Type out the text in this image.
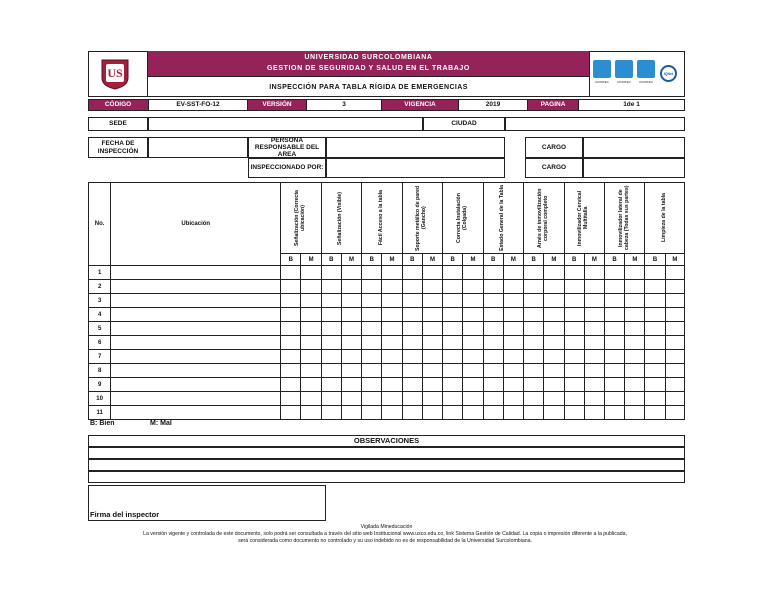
US
UNIVERSIDAD SURCOLOMBIANA
GESTION DE SEGURIDAD Y SALUD EN EL TRABAJO
INSPECCIÓN PARA TABLA RÍGIDA DE EMERGENCIAS
ICONTEC	ICONTEC	ICONTEC
IQNet
CÓDIGO	EV-SST-FO-12	VERSIÓN	3	VIGENCIA	2019	PAGINA	1de 1
SEDE	CIUDAD
FECHA DE INSPECCIÓN
PERSONA RESPONSABLE DEL AREA
CARGO
INSPECCIONADO POR:	CARGO
No.	Ubicación	Señalización (Correcta ubicación)		Señalización (Visible)		Fácil Acceso a la tabla		Soporte metálico de pared (Gancho)		Correcta Instalación (Colgada)		Estado General de la Tabla		Arnés de inmovilización corporal completo		Inmovilizador Cervical Multitalla		Inmovilizador lateral de cabeza (Todas sus partes)		Limpieza de la tabla	

B	M	B	M	B	M	B	M	B	M	B	M	B	M	B	M	B	M	B	M

1																					

2																					

3																					

4																					

5																					

6																					

7																					

8																					

9																					

10																					

11																					

B: Bien	M: Mal
OBSERVACIONES
Firma del inspector
Vigilada Mineducación
La versión vigente y controlada de este documento, solo podrá ser consultada a través del sitio web Institucional www.usco.edu.co, link Sistema Gestión de Calidad. La copia o impresión diferente a la publicada,
será considerada como documento no controlado y su uso indebido no es de responsabilidad de la Universidad Surcolombiana.
